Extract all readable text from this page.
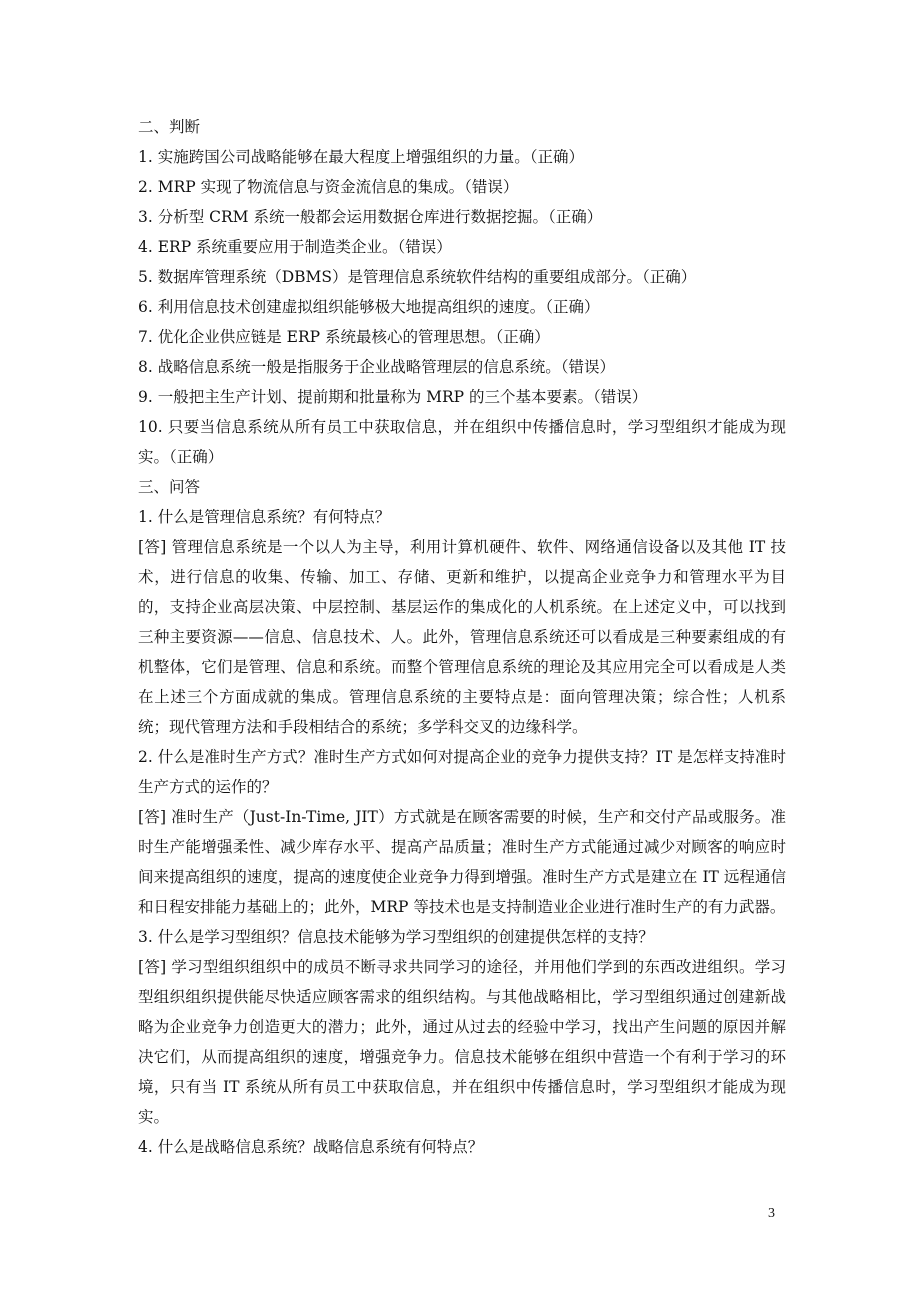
二、判断

1. 实施跨国公司战略能够在最大程度上增强组织的力量。（正确）

2. MRP 实现了物流信息与资金流信息的集成。（错误）

3. 分析型 CRM 系统一般都会运用数据仓库进行数据挖掘。（正确）

4. ERP 系统重要应用于制造类企业。（错误）

5. 数据库管理系统（DBMS）是管理信息系统软件结构的重要组成部分。（正确）

6. 利用信息技术创建虚拟组织能够极大地提高组织的速度。（正确）

7. 优化企业供应链是 ERP 系统最核心的管理思想。（正确）

8. 战略信息系统一般是指服务于企业战略管理层的信息系统。（错误）

9. 一般把主生产计划、提前期和批量称为 MRP 的三个基本要素。（错误）

10. 只要当信息系统从所有员工中获取信息，并在组织中传播信息时，学习型组织才能成为现实。（正确）

三、问答

1. 什么是管理信息系统？有何特点？

[答] 管理信息系统是一个以人为主导，利用计算机硬件、软件、网络通信设备以及其他 IT 技术，进行信息的收集、传输、加工、存储、更新和维护，以提高企业竞争力和管理水平为目的，支持企业高层决策、中层控制、基层运作的集成化的人机系统。在上述定义中，可以找到三种主要资源——信息、信息技术、人。此外，管理信息系统还可以看成是三种要素组成的有机整体，它们是管理、信息和系统。而整个管理信息系统的理论及其应用完全可以看成是人类在上述三个方面成就的集成。管理信息系统的主要特点是：面向管理决策；综合性；人机系统；现代管理方法和手段相结合的系统；多学科交叉的边缘科学。

2. 什么是准时生产方式？准时生产方式如何对提高企业的竞争力提供支持？IT 是怎样支持准时生产方式的运作的？

[答] 准时生产（Just-In-Time, JIT）方式就是在顾客需要的时候，生产和交付产品或服务。准时生产能增强柔性、减少库存水平、提高产品质量；准时生产方式能通过减少对顾客的响应时间来提高组织的速度，提高的速度使企业竞争力得到增强。准时生产方式是建立在 IT 远程通信和日程安排能力基础上的；此外，MRP 等技术也是支持制造业企业进行准时生产的有力武器。

3. 什么是学习型组织？信息技术能够为学习型组织的创建提供怎样的支持？

[答] 学习型组织组织中的成员不断寻求共同学习的途径，并用他们学到的东西改进组织。学习型组织组织提供能尽快适应顾客需求的组织结构。与其他战略相比，学习型组织通过创建新战略为企业竞争力创造更大的潜力；此外，通过从过去的经验中学习，找出产生问题的原因并解决它们，从而提高组织的速度，增强竞争力。信息技术能够在组织中营造一个有利于学习的环境，只有当 IT 系统从所有员工中获取信息，并在组织中传播信息时，学习型组织才能成为现实。

4. 什么是战略信息系统？战略信息系统有何特点？

3
